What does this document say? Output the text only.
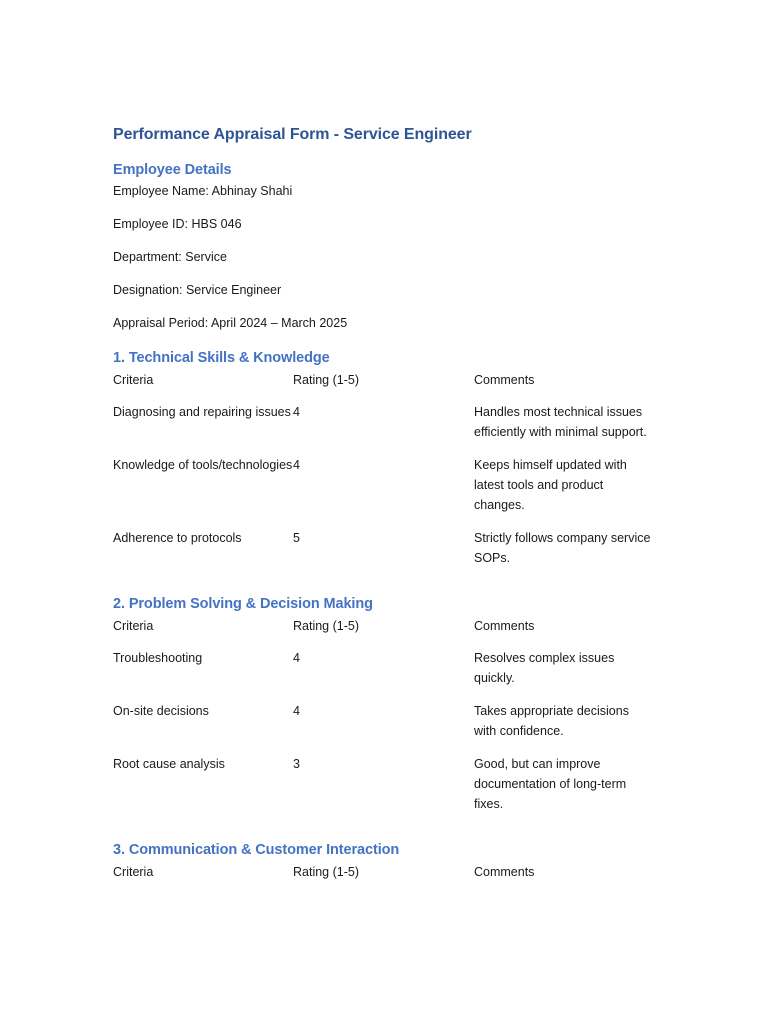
Performance Appraisal Form - Service Engineer
Employee Details
Employee Name: Abhinay Shahi
Employee ID: HBS 046
Department: Service
Designation: Service Engineer
Appraisal Period: April 2024 – March 2025
1. Technical Skills & Knowledge
Criteria	Rating (1-5)	Comments
Diagnosing and repairing issues 4	Handles most technical issues efficiently with minimal support.
Knowledge of tools/technologies 4	Keeps himself updated with latest tools and product changes.
Adherence to protocols	5	Strictly follows company service SOPs.
2. Problem Solving & Decision Making
Criteria	Rating (1-5)	Comments
Troubleshooting	4	Resolves complex issues quickly.
On-site decisions	4	Takes appropriate decisions with confidence.
Root cause analysis	3	Good, but can improve documentation of long-term fixes.
3. Communication & Customer Interaction
Criteria	Rating (1-5)	Comments
